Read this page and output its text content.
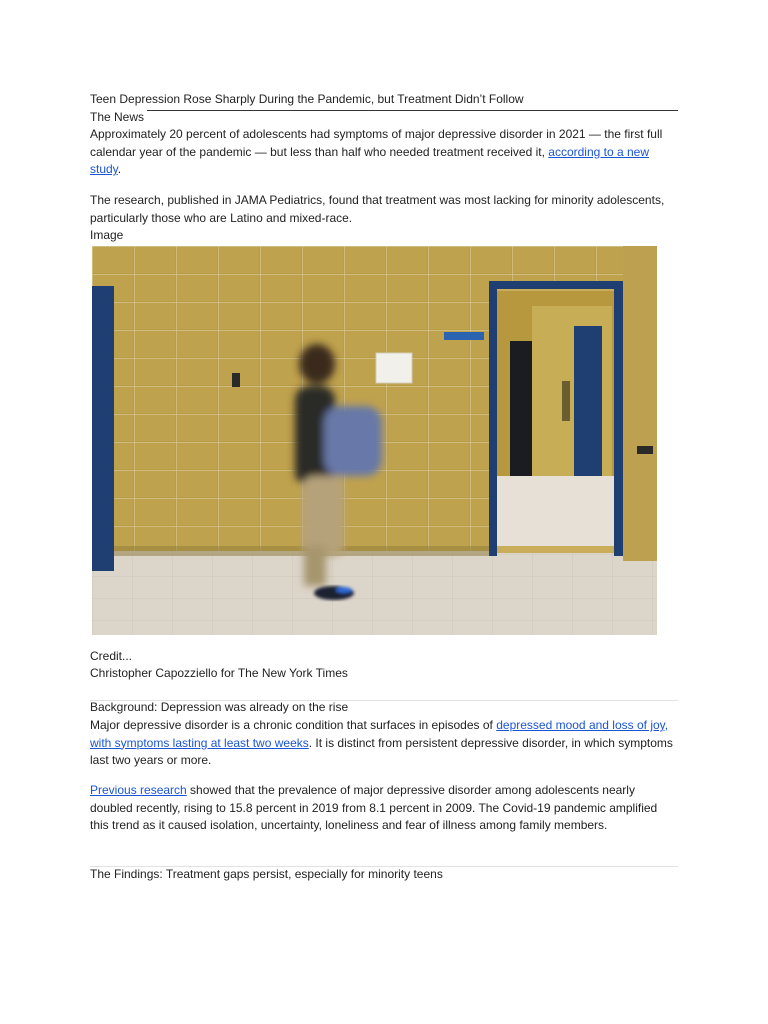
Teen Depression Rose Sharply During the Pandemic, but Treatment Didn’t Follow
The News

Approximately 20 percent of adolescents had symptoms of major depressive disorder in 2021 — the first full calendar year of the pandemic — but less than half who needed treatment received it, according to a new study.

The research, published in JAMA Pediatrics, found that treatment was most lacking for minority adolescents, particularly those who are Latino and mixed-race.

Image
Credit...
Christopher Capozziello for The New York Times
Background: Depression was already on the rise

Major depressive disorder is a chronic condition that surfaces in episodes of depressed mood and loss of joy, with symptoms lasting at least two weeks. It is distinct from persistent depressive disorder, in which symptoms last two years or more.

Previous research showed that the prevalence of major depressive disorder among adolescents nearly doubled recently, rising to 15.8 percent in 2019 from 8.1 percent in 2009. The Covid-19 pandemic amplified this trend as it caused isolation, uncertainty, loneliness and fear of illness among family members.

The Findings: Treatment gaps persist, especially for minority teens
